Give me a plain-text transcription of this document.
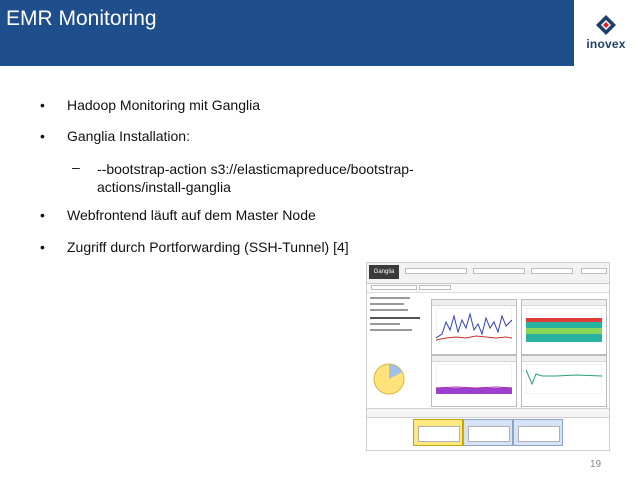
EMR Monitoring
inovex
• Hadoop Monitoring mit Ganglia
• Ganglia Installation:
– --bootstrap-action s3://elasticmapreduce/bootstrap-
actions/install-ganglia
• Webfrontend läuft auf dem Master Node
• Zugriff durch Portforwarding (SSH-Tunnel) [4]
Ganglia
19
